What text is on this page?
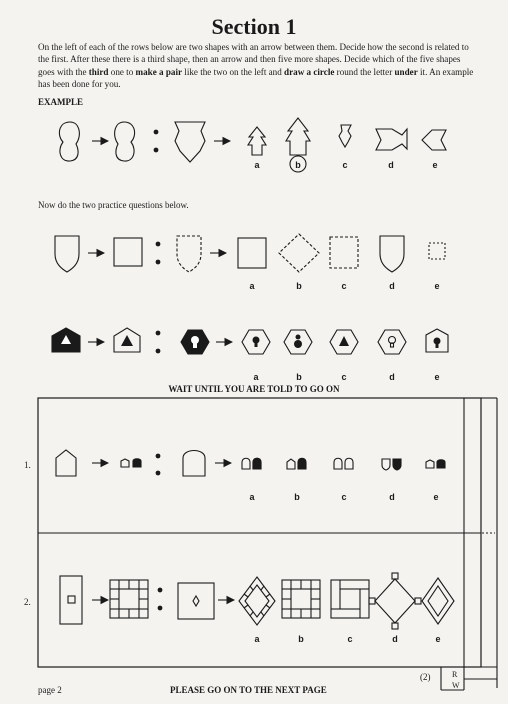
Section 1
On the left of each of the rows below are two shapes with an arrow between them. Decide how the second is related to the first. After these there is a third shape, then an arrow and then five more shapes. Decide which of the five shapes goes with the third one to make a pair like the two on the left and draw a circle round the letter under it. An example has been done for you.
EXAMPLE
Now do the two practice questions below.
a	b	c	d	e
a	b	c	d	e
a	b	c	d	e
WAIT UNTIL YOU ARE TOLD TO GO ON
1.
2.
a	b	c	d	e
a	b	c	d	e
page 2	PLEASE GO ON TO THE NEXT PAGE
(2)	R
W
